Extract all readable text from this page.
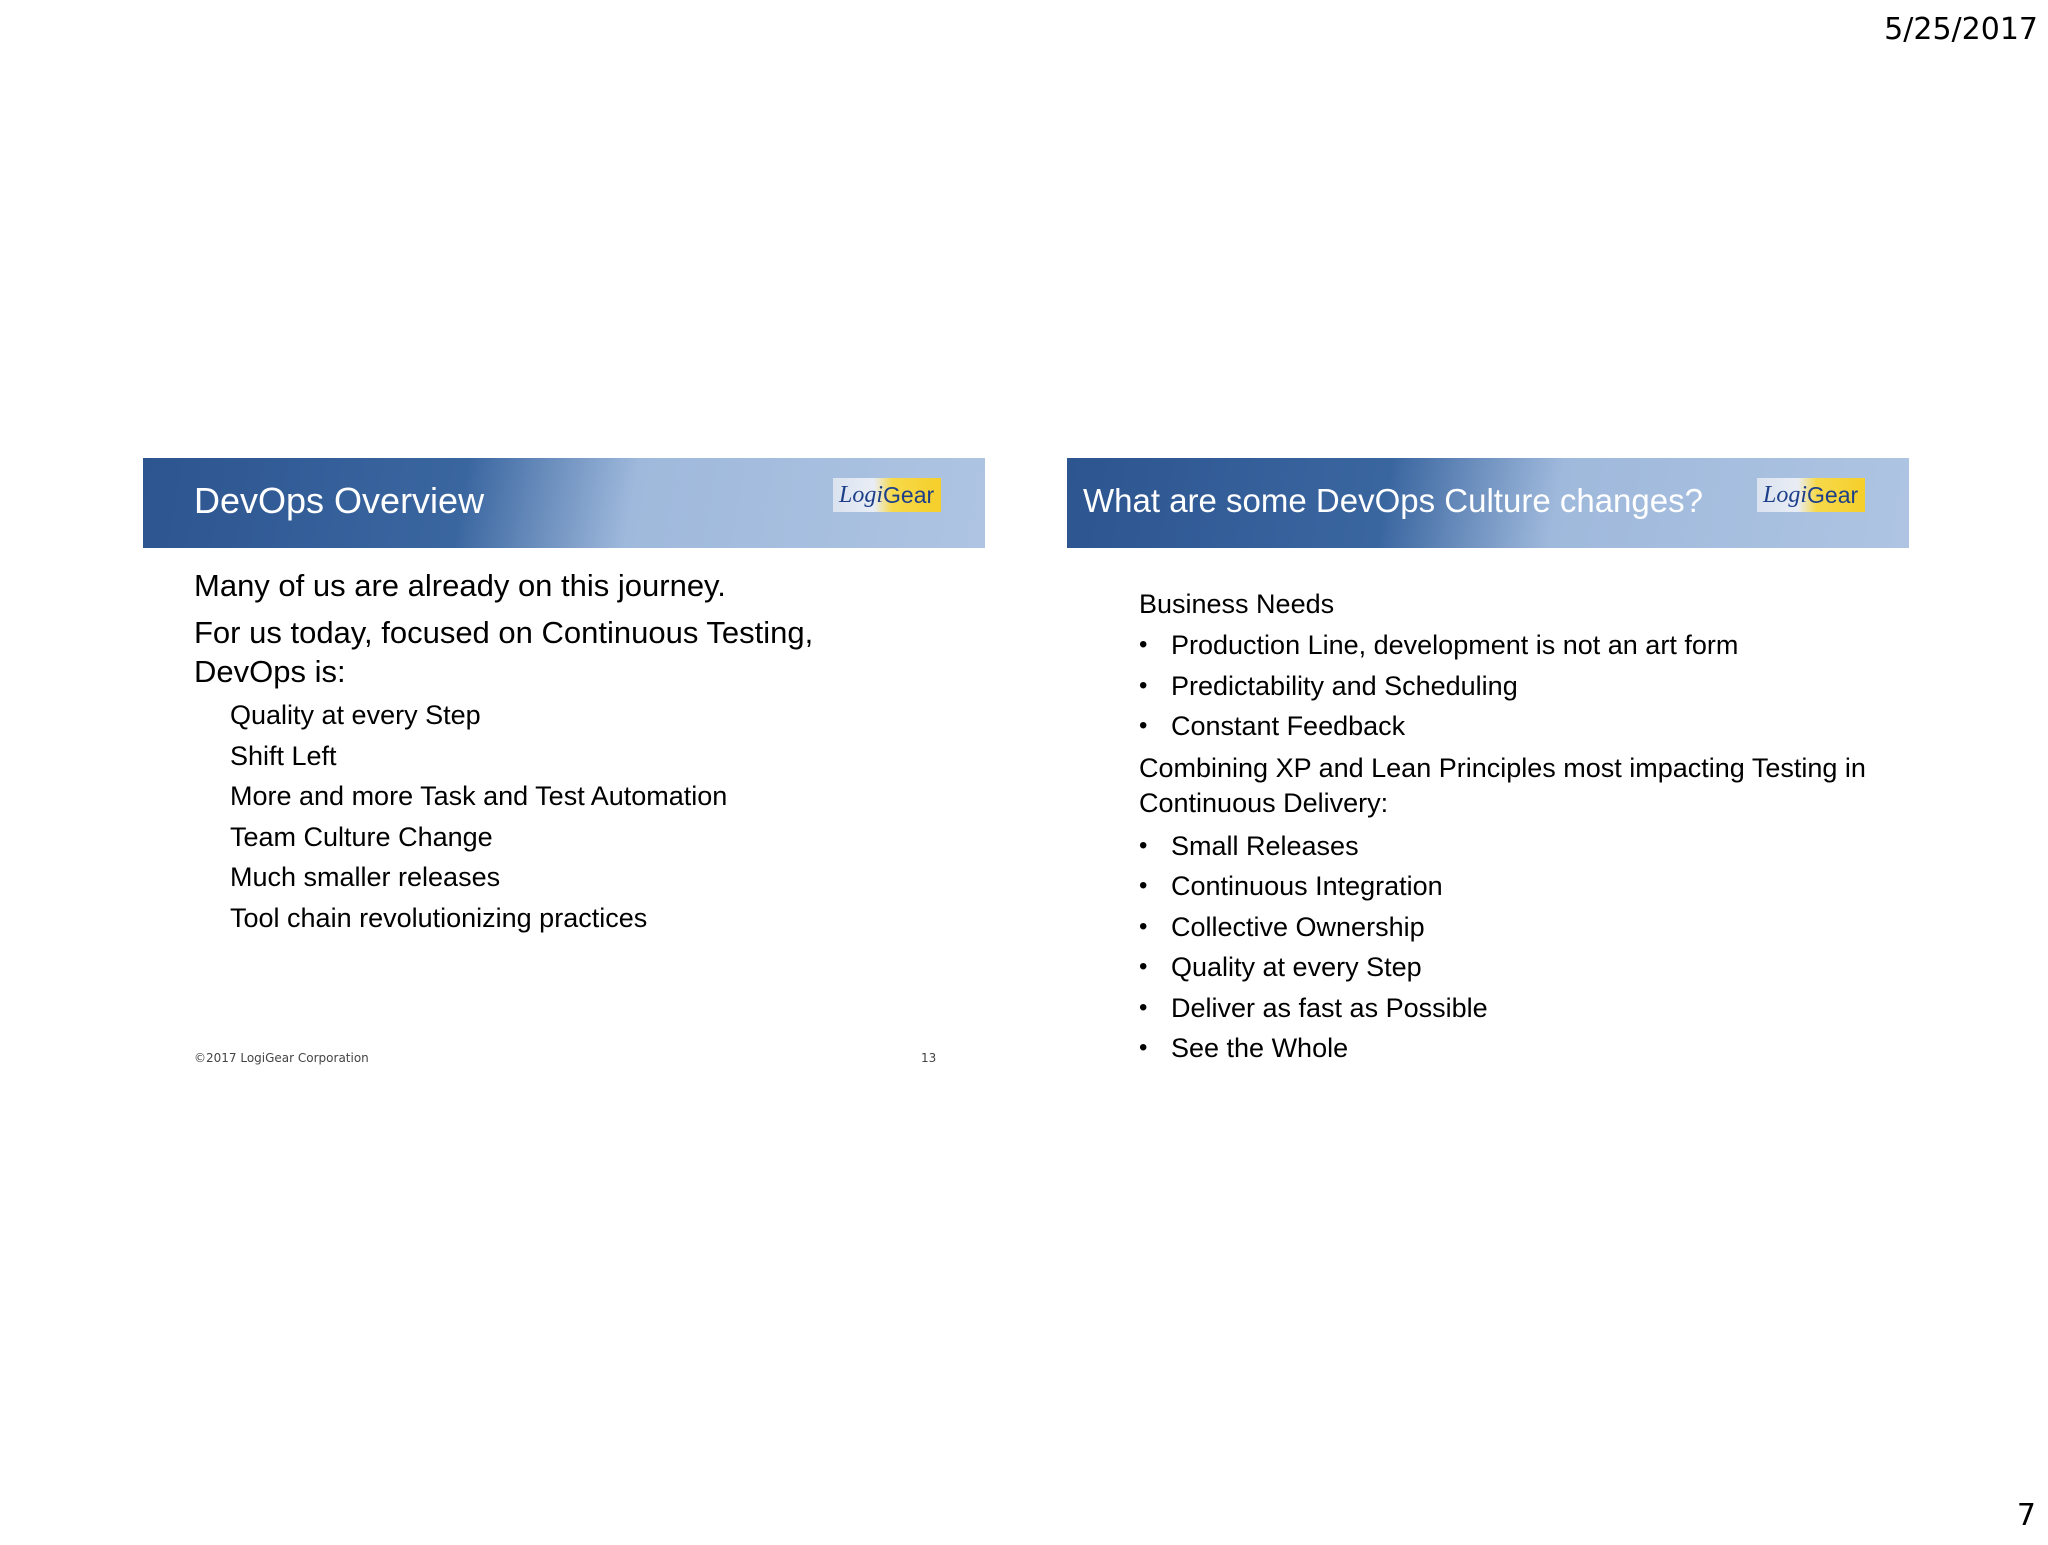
5/25/2017
DevOps Overview	Logi Gear

Many of us are already on this journey.

For us today, focused on Continuous Testing, DevOps is:

Quality at every Step
Shift Left
More and more Task and Test Automation
Team Culture Change
Much smaller releases
Tool chain revolutionizing practices
©2017 LogiGear Corporation	13
What are some DevOps Culture changes?	Logi Gear

Business Needs

• Production Line, development is not an art form
• Predictability and Scheduling
• Constant Feedback

Combining XP and Lean Principles most impacting Testing in Continuous Delivery:

• Small Releases
• Continuous Integration
• Collective Ownership
• Quality at every Step
• Deliver as fast as Possible
• See the Whole
7
